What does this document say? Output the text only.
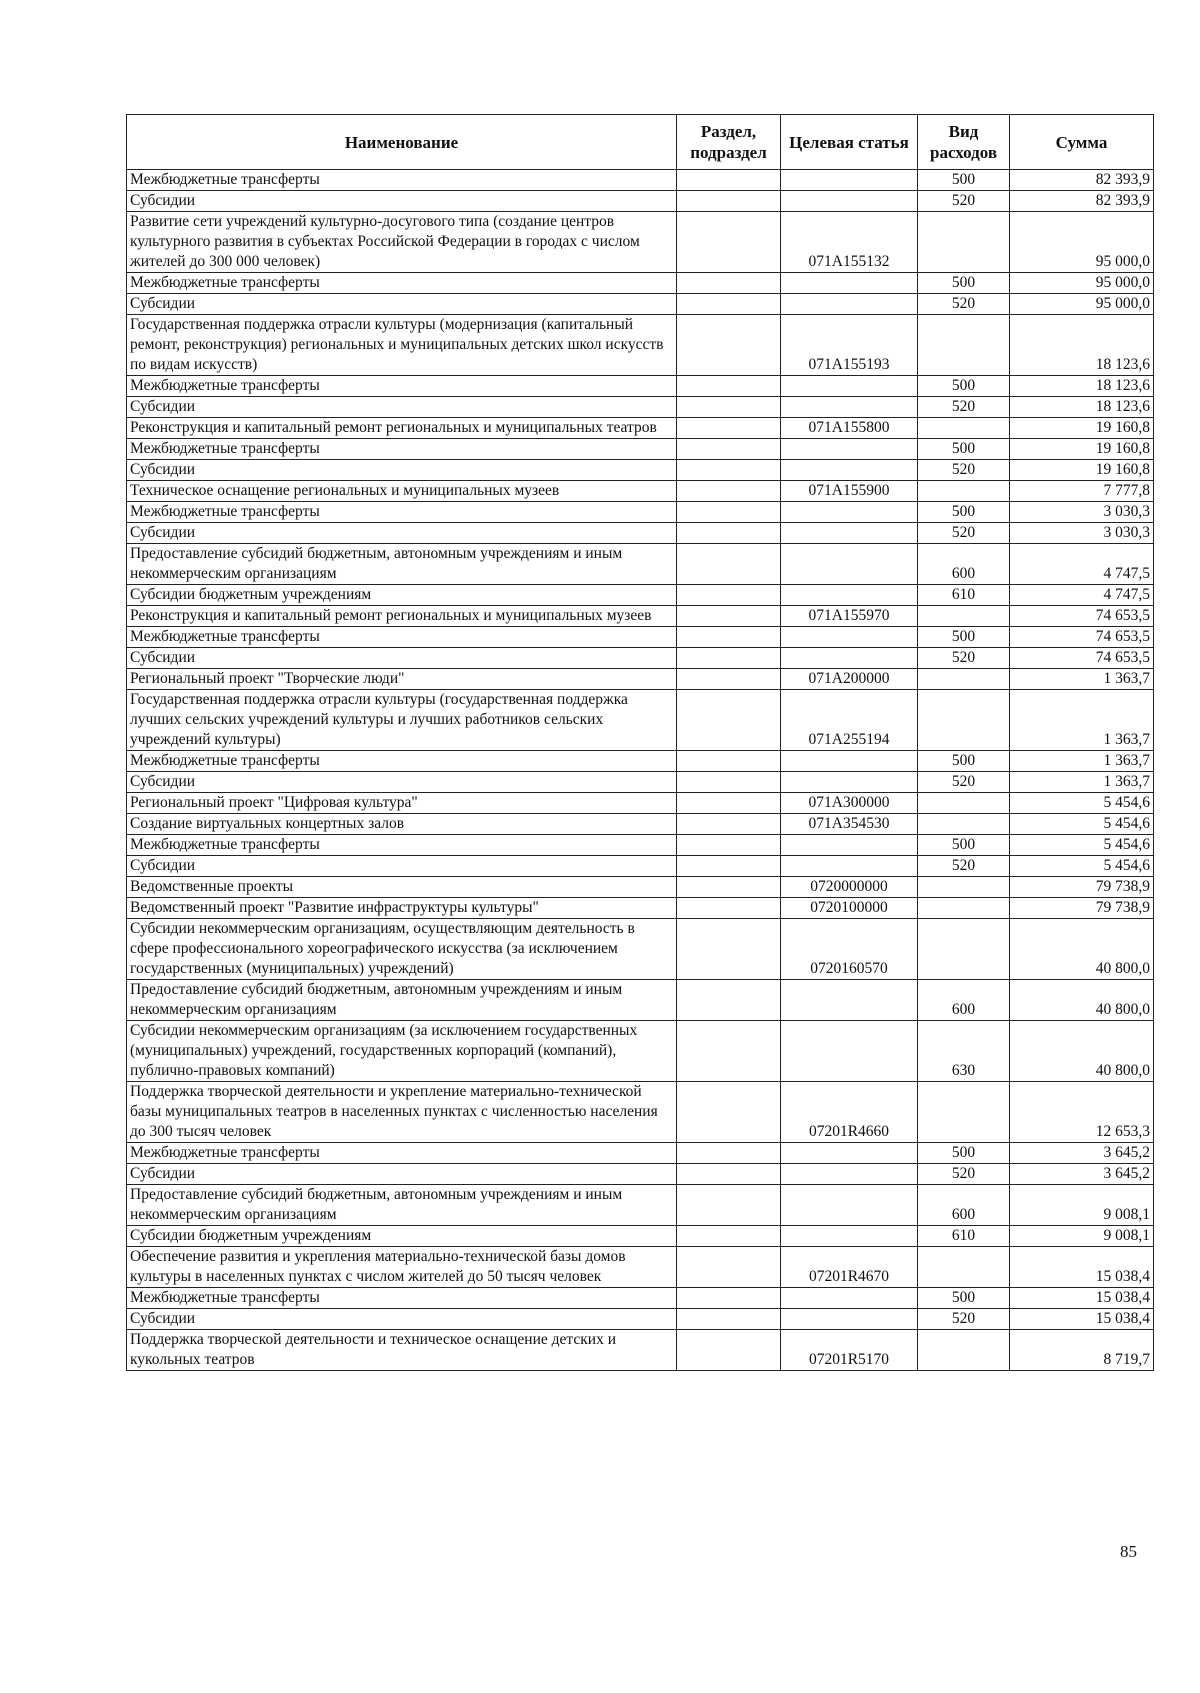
Наименование	Раздел, подраздел	Целевая статья	Вид расходов	Сумма
Межбюджетные трансферты			500	82 393,9
Субсидии			520	82 393,9
Развитие сети учреждений культурно-досугового типа (создание центров культурного развития в субъектах Российской Федерации в городах с числом жителей до 300 000 человек)		071A155132		95 000,0
Межбюджетные трансферты			500	95 000,0
Субсидии			520	95 000,0
Государственная поддержка отрасли культуры (модернизация (капитальный ремонт, реконструкция) региональных и муниципальных детских школ искусств по видам искусств)		071A155193		18 123,6
Межбюджетные трансферты			500	18 123,6
Субсидии			520	18 123,6
Реконструкция и капитальный ремонт региональных и муниципальных театров		071A155800		19 160,8
Межбюджетные трансферты			500	19 160,8
Субсидии			520	19 160,8
Техническое оснащение региональных и муниципальных музеев		071A155900		7 777,8
Межбюджетные трансферты			500	3 030,3
Субсидии			520	3 030,3
Предоставление субсидий бюджетным, автономным учреждениям и иным некоммерческим организациям			600	4 747,5
Субсидии бюджетным учреждениям			610	4 747,5
Реконструкция и капитальный ремонт региональных и муниципальных музеев		071A155970		74 653,5
Межбюджетные трансферты			500	74 653,5
Субсидии			520	74 653,5
Региональный проект "Творческие люди"		071A200000		1 363,7
Государственная поддержка отрасли культуры (государственная поддержка лучших сельских учреждений культуры и лучших работников сельских учреждений культуры)		071A255194		1 363,7
Межбюджетные трансферты			500	1 363,7
Субсидии			520	1 363,7
Региональный проект "Цифровая культура"		071A300000		5 454,6
Создание виртуальных концертных залов		071A354530		5 454,6
Межбюджетные трансферты			500	5 454,6
Субсидии			520	5 454,6
Ведомственные проекты		0720000000		79 738,9
Ведомственный проект "Развитие инфраструктуры культуры"		0720100000		79 738,9
Субсидии некоммерческим организациям, осуществляющим деятельность в сфере профессионального хореографического искусства (за исключением государственных (муниципальных) учреждений)		0720160570		40 800,0
Предоставление субсидий бюджетным, автономным учреждениям и иным некоммерческим организациям			600	40 800,0
Субсидии некоммерческим организациям (за исключением государственных (муниципальных) учреждений, государственных корпораций (компаний), публично-правовых компаний)			630	40 800,0
Поддержка творческой деятельности и укрепление материально-технической базы муниципальных театров в населенных пунктах с численностью населения до 300 тысяч человек		07201R4660		12 653,3
Межбюджетные трансферты			500	3 645,2
Субсидии			520	3 645,2
Предоставление субсидий бюджетным, автономным учреждениям и иным некоммерческим организациям			600	9 008,1
Субсидии бюджетным учреждениям			610	9 008,1
Обеспечение развития и укрепления материально-технической базы домов культуры в населенных пунктах с числом жителей до 50 тысяч человек		07201R4670		15 038,4
Межбюджетные трансферты			500	15 038,4
Субсидии			520	15 038,4
Поддержка творческой деятельности и техническое оснащение детских и кукольных театров		07201R5170		8 719,7
85
